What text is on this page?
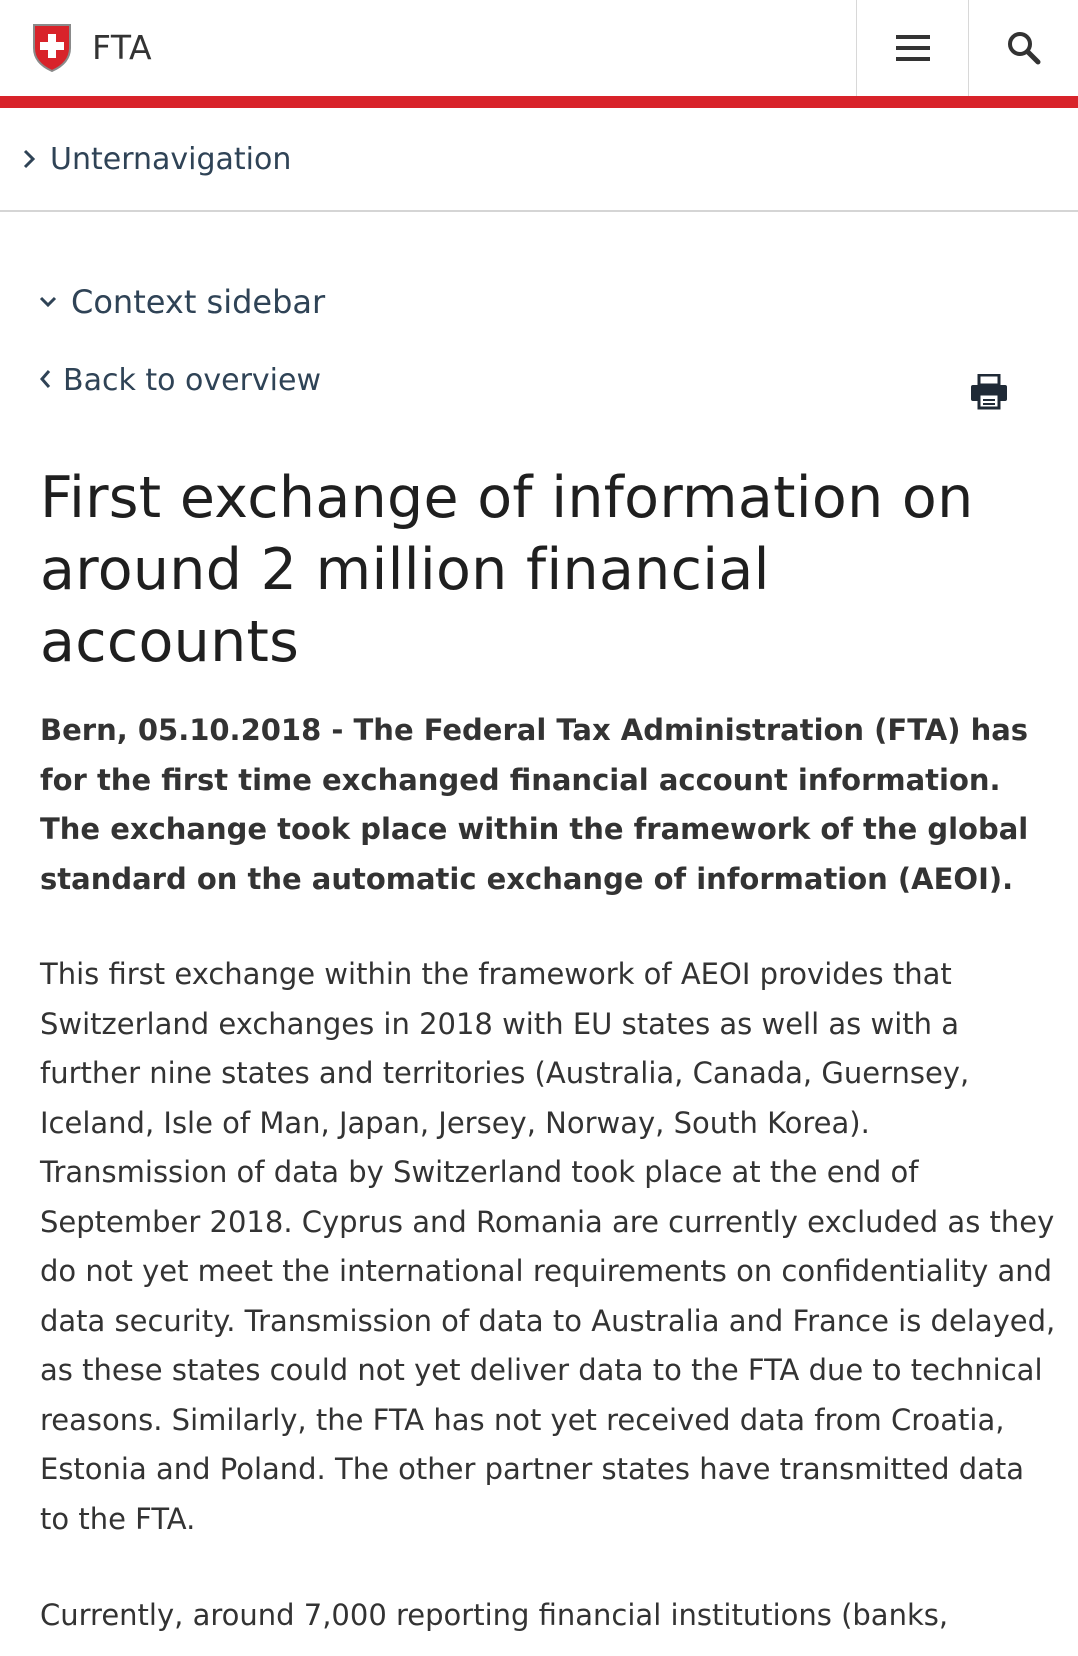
FTA
Unternavigation
Context sidebar
Back to overview
First exchange of information on around 2 million financial accounts

Bern, 05.10.2018 - The Federal Tax Administration (FTA) has for the first time exchanged financial account information. The exchange took place within the framework of the global standard on the automatic exchange of information (AEOI).

This first exchange within the framework of AEOI provides that Switzerland exchanges in 2018 with EU states as well as with a further nine states and territories (Australia, Canada, Guernsey, Iceland, Isle of Man, Japan, Jersey, Norway, South Korea). Transmission of data by Switzerland took place at the end of September 2018. Cyprus and Romania are currently excluded as they do not yet meet the international requirements on confidentiality and data security. Transmission of data to Australia and France is delayed, as these states could not yet deliver data to the FTA due to technical reasons. Similarly, the FTA has not yet received data from Croatia, Estonia and Poland. The other partner states have transmitted data to the FTA.

Currently, around 7,000 reporting financial institutions (banks,
